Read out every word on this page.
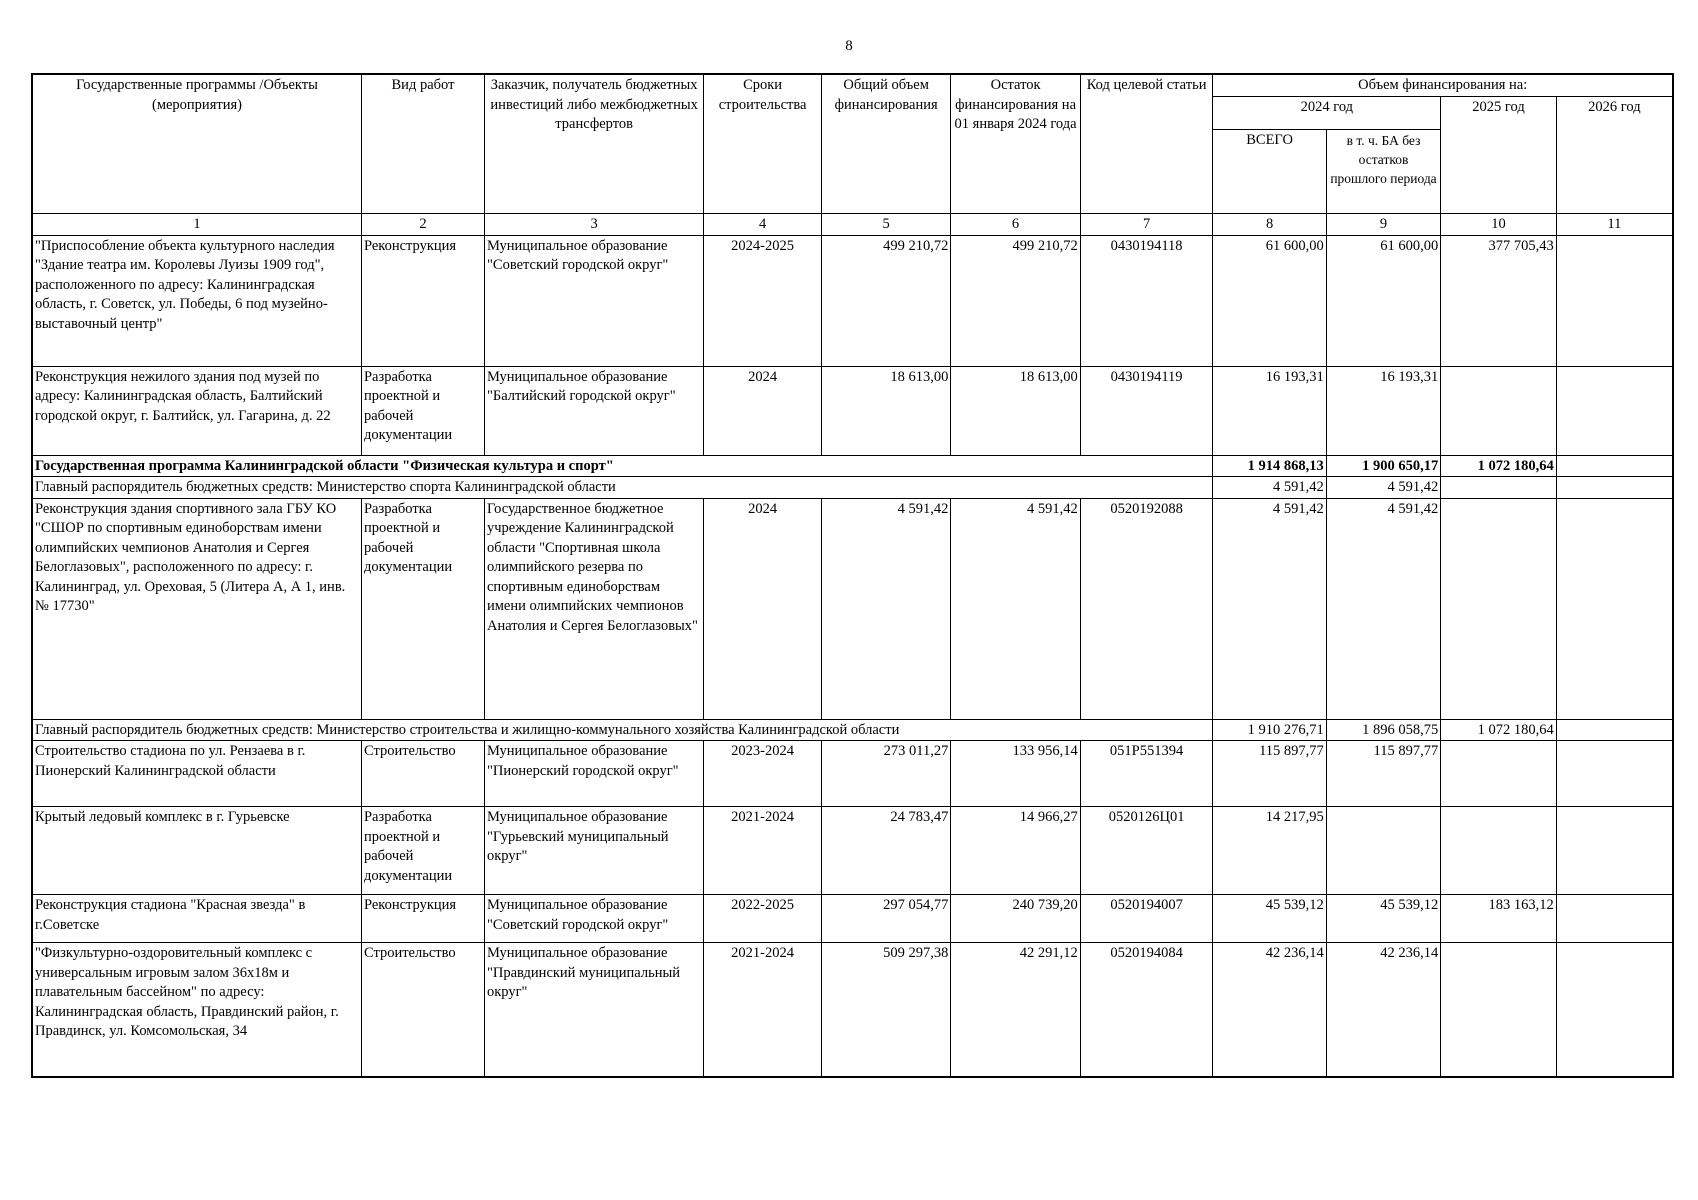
8
Государственные программы /Объекты (мероприятия)	Вид работ	Заказчик, получатель бюджетных инвестиций либо межбюджетных трансфертов	Сроки строительства	Общий объем финансирования	Остаток финансирования на 01 января 2024 года	Код целевой статьи	Объем финансирования на:			
							2024 год		2025 год	2026 год
							ВСЕГО	в т. ч. БА без остатков прошлого периода		
1	2	3	4	5	6	7	8	9	10	11
"Приспособление объекта культурного наследия "Здание театра им. Королевы Луизы 1909 год", расположенного по адресу: Калининградская область, г. Советск, ул. Победы, 6 под музейно-выставочный центр"	Реконструкция	Муниципальное образование "Советский городской округ"	2024-2025	499 210,72	499 210,72	0430194118	61 600,00	61 600,00	377 705,43	
Реконструкция нежилого здания под музей по адресу: Калининградская область, Балтийский городской округ, г. Балтийск, ул. Гагарина, д. 22	Разработка проектной и рабочей документации	Муниципальное образование "Балтийский городской округ"	2024	18 613,00	18 613,00	0430194119	16 193,31	16 193,31		
Государственная программа Калининградской области "Физическая культура и спорт"							1 914 868,13	1 900 650,17	1 072 180,64	
Главный распорядитель бюджетных средств: Министерство спорта Калининградской области							4 591,42	4 591,42		
Реконструкция здания спортивного зала ГБУ КО "СШОР по спортивным единоборствам имени олимпийских чемпионов Анатолия и Сергея Белоглазовых", расположенного по адресу: г. Калининград, ул. Ореховая, 5 (Литера А, А 1, инв. № 17730"	Разработка проектной и рабочей документации	Государственное бюджетное учреждение Калининградской области "Спортивная школа олимпийского резерва по спортивным единоборствам имени олимпийских чемпионов Анатолия и Сергея Белоглазовых"	2024	4 591,42	4 591,42	0520192088	4 591,42	4 591,42		
Главный распорядитель бюджетных средств: Министерство строительства и жилищно-коммунального хозяйства Калининградской области							1 910 276,71	1 896 058,75	1 072 180,64	
Строительство стадиона по ул. Рензаева в г. Пионерский Калининградской области	Строительство	Муниципальное образование "Пионерский городской округ"	2023-2024	273 011,27	133 956,14	051P551394	115 897,77	115 897,77		
Крытый ледовый комплекс в г. Гурьевске	Разработка проектной и рабочей документации	Муниципальное образование "Гурьевский муниципальный округ"	2021-2024	24 783,47	14 966,27	0520126Ц01	14 217,95			
Реконструкция стадиона "Красная звезда" в г.Советске	Реконструкция	Муниципальное образование "Советский городской округ"	2022-2025	297 054,77	240 739,20	0520194007	45 539,12	45 539,12	183 163,12	
"Физкультурно-оздоровительный комплекс с универсальным игровым залом 36х18м и плавательным бассейном" по адресу: Калининградская область, Правдинский район, г. Правдинск, ул. Комсомольская, 34	Строительство	Муниципальное образование "Правдинский муниципальный округ"	2021-2024	509 297,38	42 291,12	0520194084	42 236,14	42 236,14		
